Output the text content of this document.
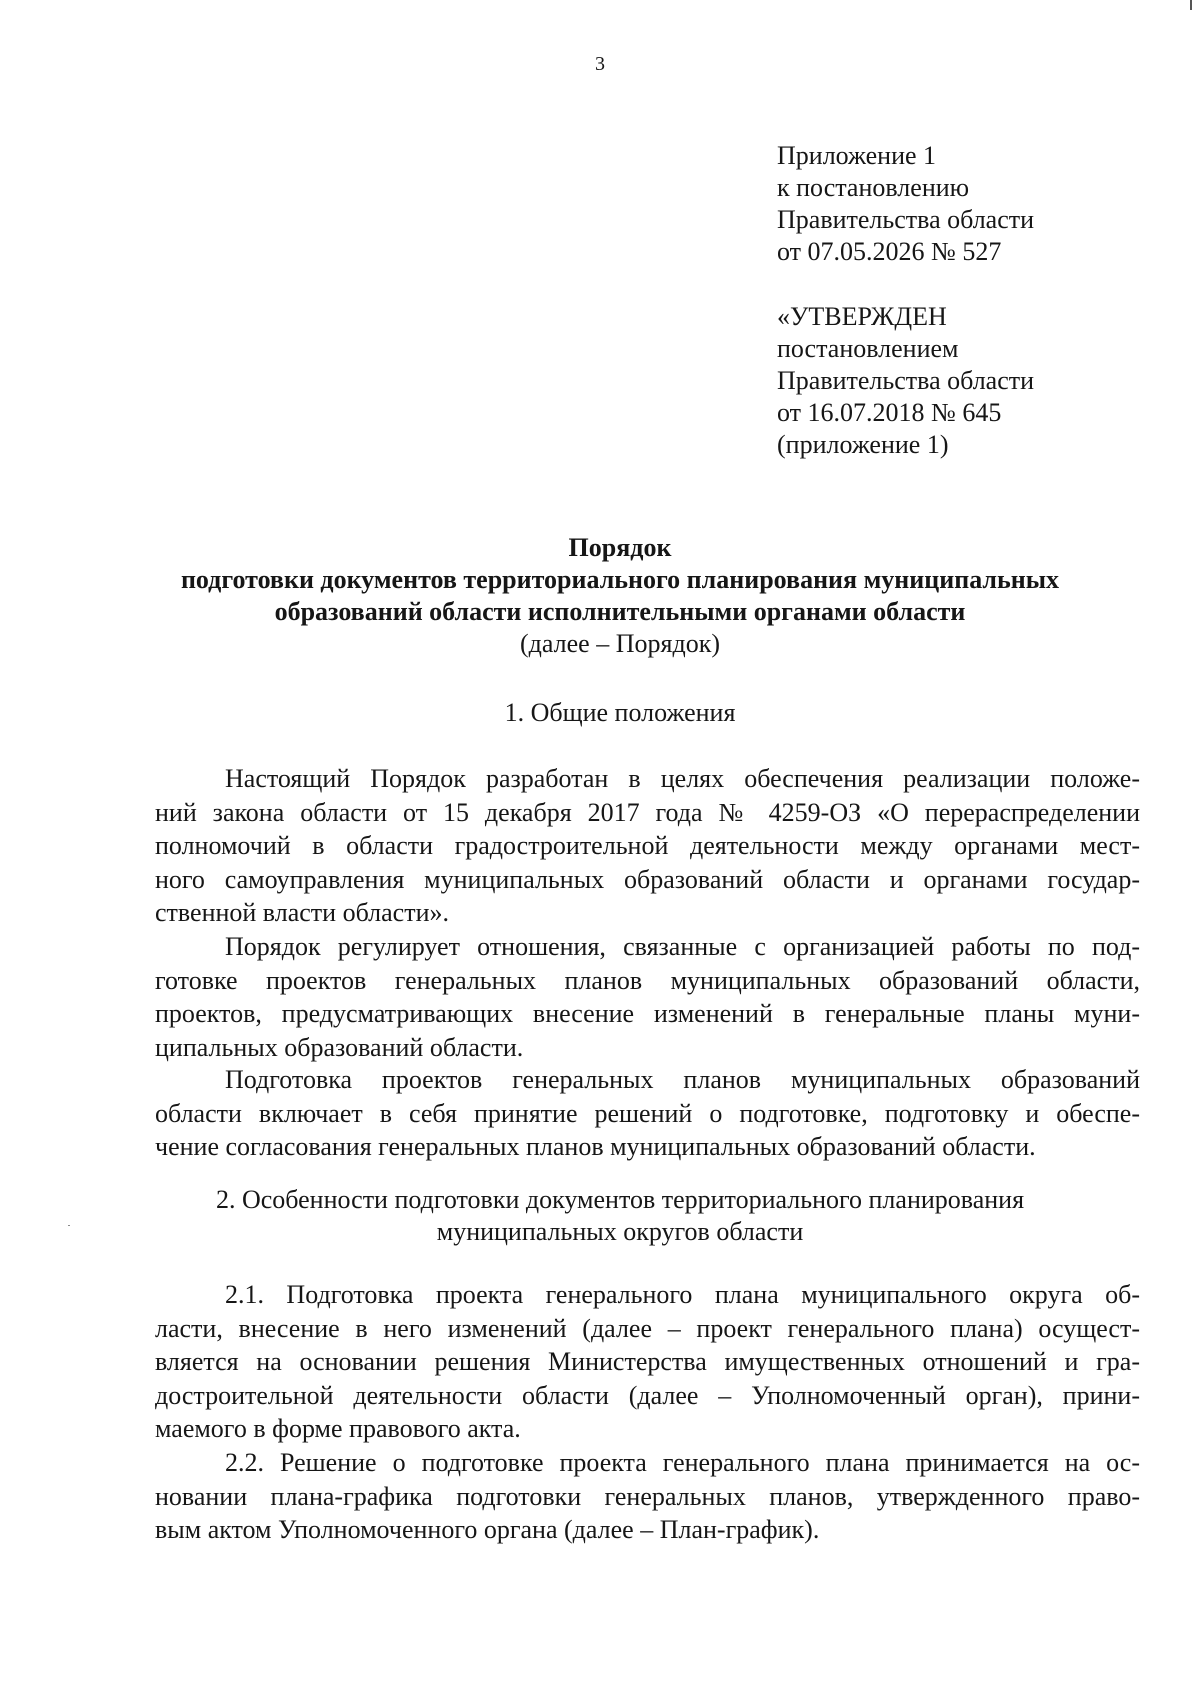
3
Приложение 1
к постановлению
Правительства области
от 07.05.2026 № 527
«УТВЕРЖДЕН
постановлением
Правительства области
от 16.07.2018 № 645
(приложение 1)
Порядок
подготовки документов территориального планирования муниципальных
образований области исполнительными органами области
(далее – Порядок)
1. Общие положения
Настоящий Порядок разработан в целях обеспечения реализации положе-
ний закона области от 15 декабря 2017 года № 4259-ОЗ «О перераспределении
полномочий в области градостроительной деятельности между органами мест-
ного самоуправления муниципальных образований области и органами государ-
ственной власти области».
Порядок регулирует отношения, связанные с организацией работы по под-
готовке проектов генеральных планов муниципальных образований области,
проектов, предусматривающих внесение изменений в генеральные планы муни-
ципальных образований области.
Подготовка проектов генеральных планов муниципальных образований
области включает в себя принятие решений о подготовке, подготовку и обеспе-
чение согласования генеральных планов муниципальных образований области.
2. Особенности подготовки документов территориального планирования
муниципальных округов области
2.1. Подготовка проекта генерального плана муниципального округа об-
ласти, внесение в него изменений (далее – проект генерального плана) осущест-
вляется на основании решения Министерства имущественных отношений и гра-
достроительной деятельности области (далее – Уполномоченный орган), прини-
маемого в форме правового акта.
2.2. Решение о подготовке проекта генерального плана принимается на ос-
новании плана-графика подготовки генеральных планов, утвержденного право-
вым актом Уполномоченного органа (далее – План-график).
